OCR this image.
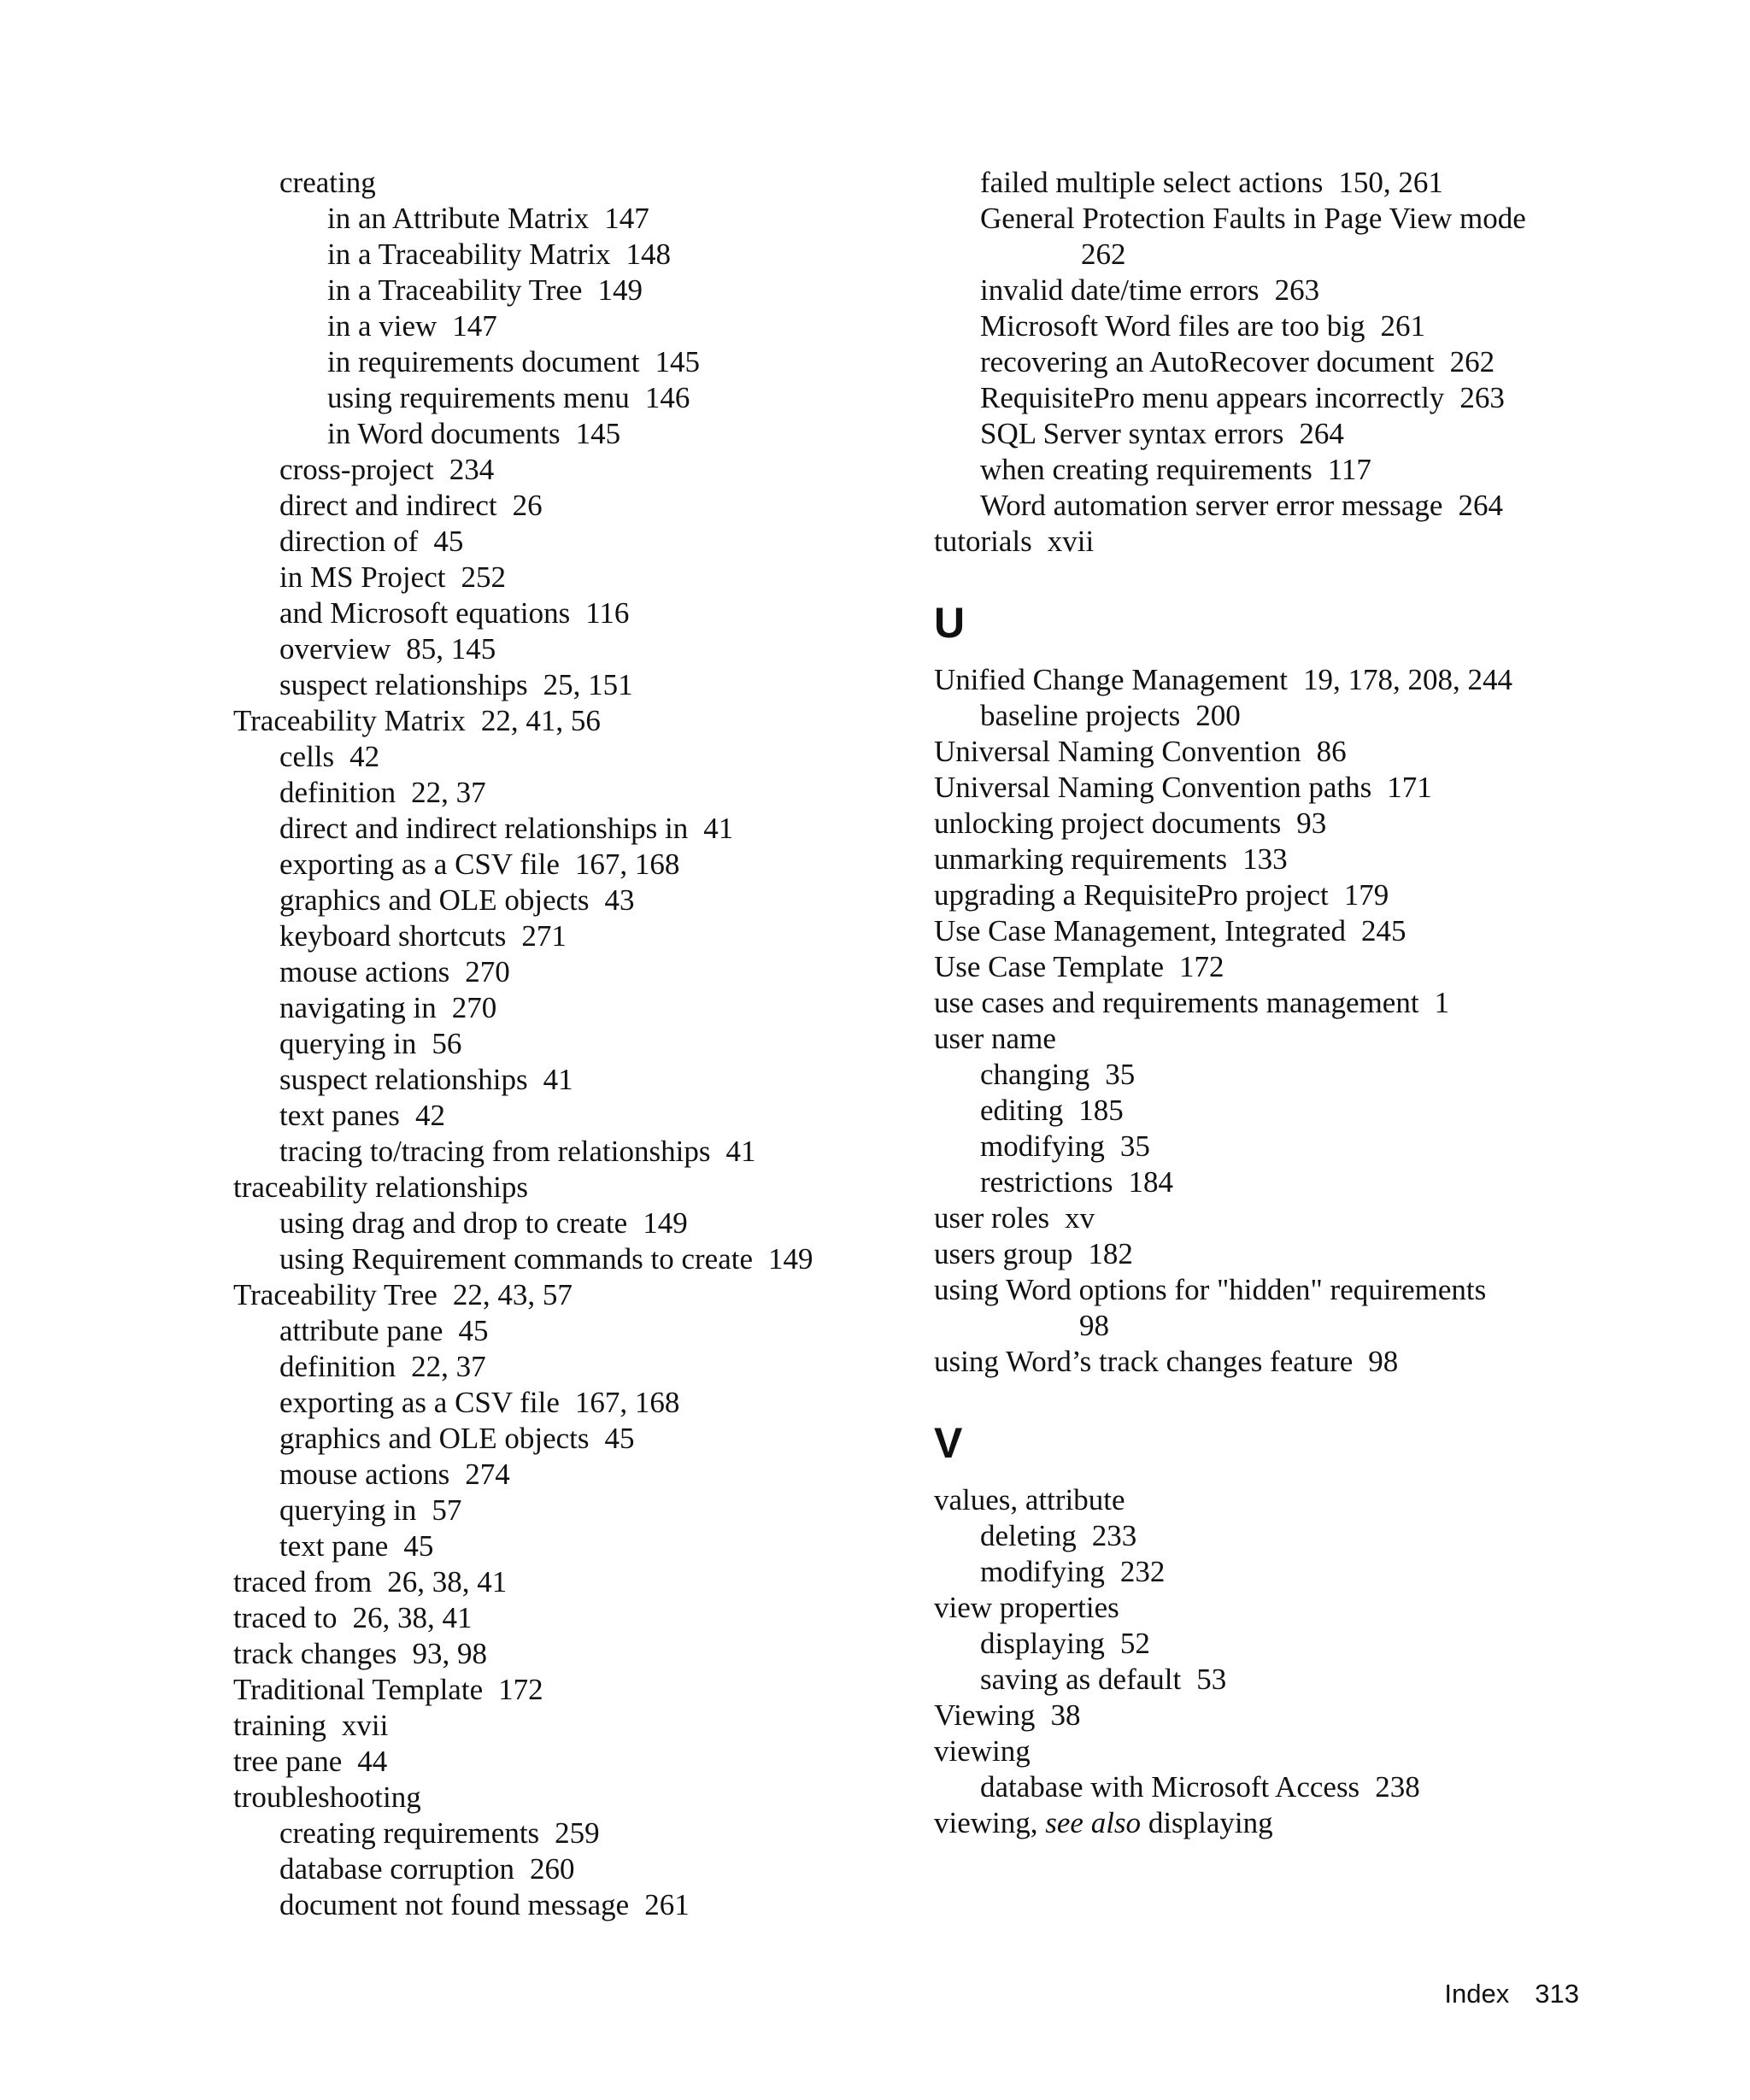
creating
in an Attribute Matrix 147
in a Traceability Matrix 148
in a Traceability Tree 149
in a view 147
in requirements document 145
using requirements menu 146
in Word documents 145
cross-project 234
direct and indirect 26
direction of 45
in MS Project 252
and Microsoft equations 116
overview 85, 145
suspect relationships 25, 151
Traceability Matrix 22, 41, 56
cells 42
definition 22, 37
direct and indirect relationships in 41
exporting as a CSV file 167, 168
graphics and OLE objects 43
keyboard shortcuts 271
mouse actions 270
navigating in 270
querying in 56
suspect relationships 41
text panes 42
tracing to/tracing from relationships 41
traceability relationships
using drag and drop to create 149
using Requirement commands to create 149
Traceability Tree 22, 43, 57
attribute pane 45
definition 22, 37
exporting as a CSV file 167, 168
graphics and OLE objects 45
mouse actions 274
querying in 57
text pane 45
traced from 26, 38, 41
traced to 26, 38, 41
track changes 93, 98
Traditional Template 172
training xvii
tree pane 44
troubleshooting
creating requirements 259
database corruption 260
document not found message 261
failed multiple select actions 150, 261
General Protection Faults in Page View mode
262
invalid date/time errors 263
Microsoft Word files are too big 261
recovering an AutoRecover document 262
RequisitePro menu appears incorrectly 263
SQL Server syntax errors 264
when creating requirements 117
Word automation server error message 264
tutorials xvii
U
Unified Change Management 19, 178, 208, 244
baseline projects 200
Universal Naming Convention 86
Universal Naming Convention paths 171
unlocking project documents 93
unmarking requirements 133
upgrading a RequisitePro project 179
Use Case Management, Integrated 245
Use Case Template 172
use cases and requirements management 1
user name
changing 35
editing 185
modifying 35
restrictions 184
user roles xv
users group 182
using Word options for "hidden" requirements
98
using Word’s track changes feature 98
V
values, attribute
deleting 233
modifying 232
view properties
displaying 52
saving as default 53
Viewing 38
viewing
database with Microsoft Access 238
viewing, see also displaying
Index 313
